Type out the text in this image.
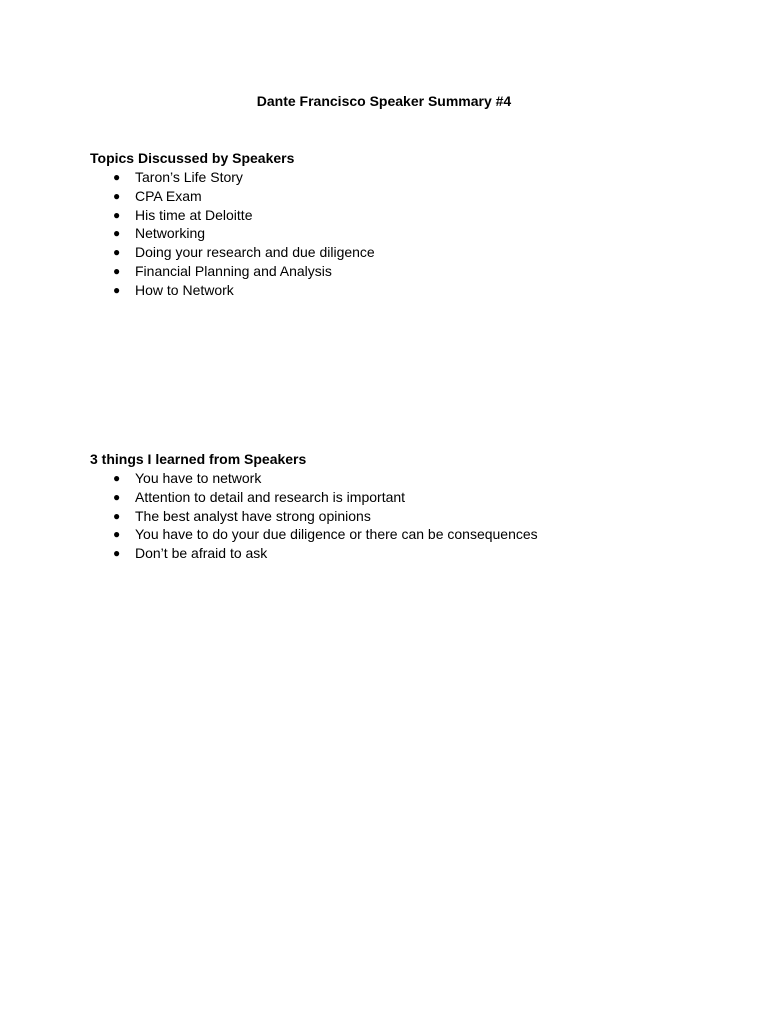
Dante Francisco Speaker Summary #4

Topics Discussed by Speakers

● Taron’s Life Story
● CPA Exam
● His time at Deloitte
● Networking
● Doing your research and due diligence
● Financial Planning and Analysis
● How to Network

3 things I learned from Speakers

● You have to network
● Attention to detail and research is important
● The best analyst have strong opinions
● You have to do your due diligence or there can be consequences
● Don’t be afraid to ask
